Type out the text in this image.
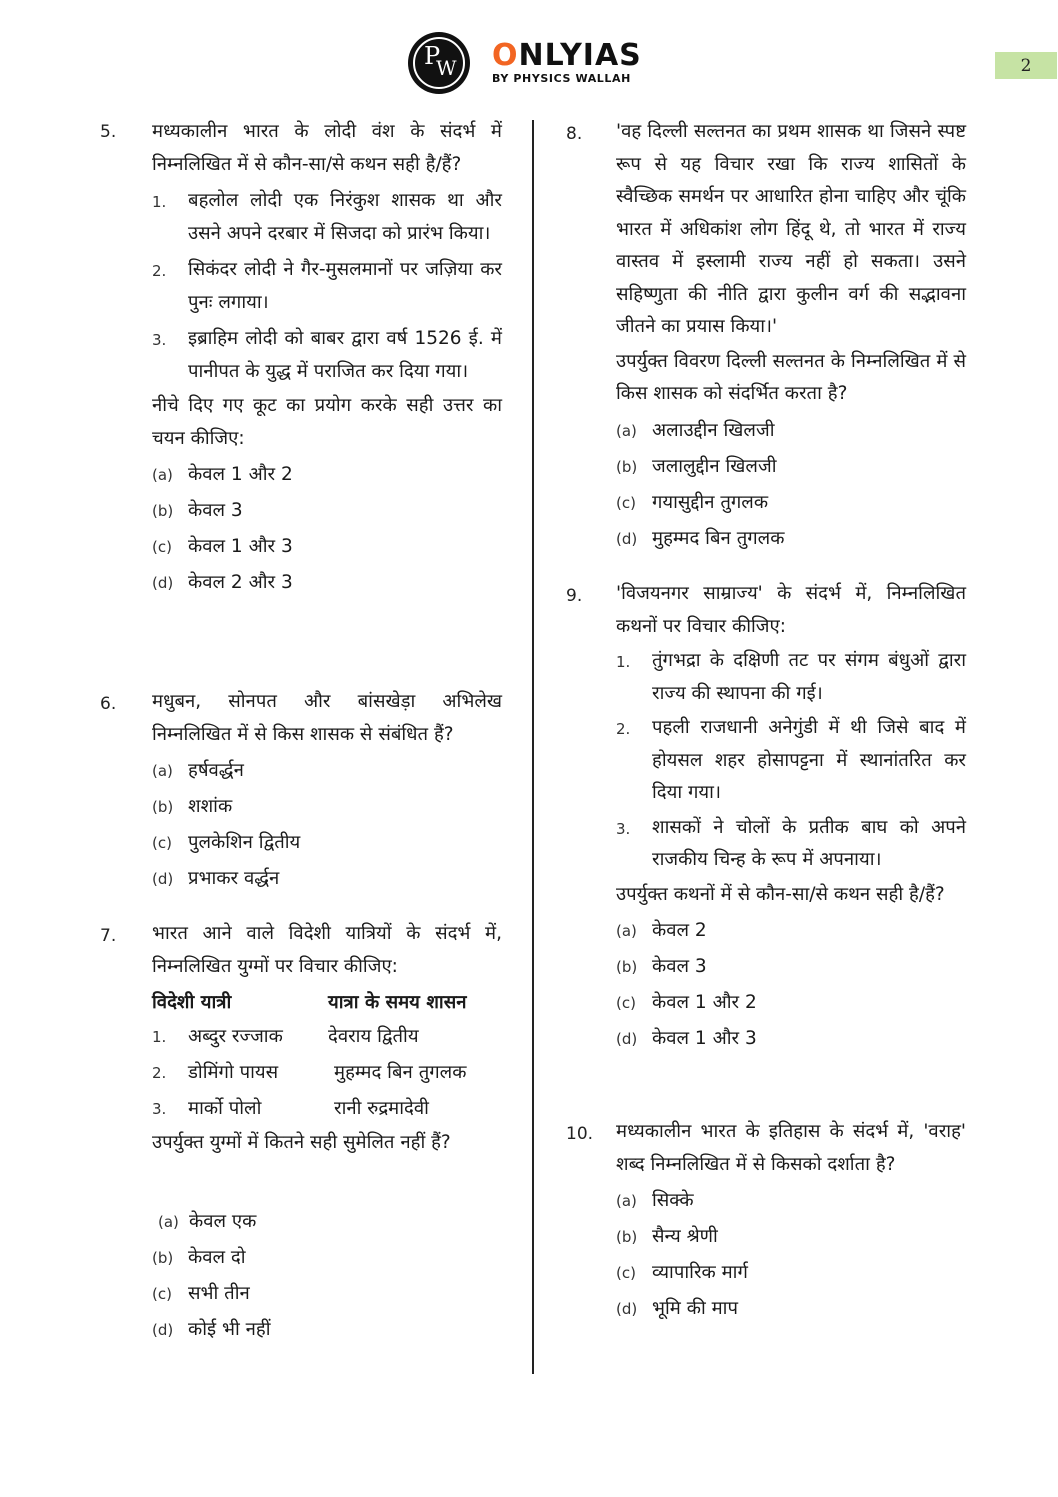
P
W ONLYIAS
BY PHYSICS WALLAH
2
5. मध्यकालीन भारत के लोदी वंश के संदर्भ में निम्नलिखित में से कौन-सा/से कथन सही है/हैं?
1. बहलोल लोदी एक निरंकुश शासक था और उसने अपने दरबार में सिजदा को प्रारंभ किया।
2. सिकंदर लोदी ने गैर-मुसलमानों पर जज़िया कर पुनः लगाया।
3. इब्राहिम लोदी को बाबर द्वारा वर्ष 1526 ई. में पानीपत के युद्ध में पराजित कर दिया गया।
नीचे दिए गए कूट का प्रयोग करके सही उत्तर का चयन कीजिए:
(a) केवल 1 और 2
(b) केवल 3
(c) केवल 1 और 3
(d) केवल 2 और 3
6. मधुबन, सोनपत और बांसखेड़ा अभिलेख निम्नलिखित में से किस शासक से संबंधित हैं?
(a) हर्षवर्द्धन
(b) शशांक
(c) पुलकेशिन द्वितीय
(d) प्रभाकर वर्द्धन
7. भारत आने वाले विदेशी यात्रियों के संदर्भ में, निम्नलिखित युग्मों पर विचार कीजिए:
विदेशी यात्री	यात्रा के समय शासन
1.	अब्दुर रज्जाक	देवराय द्वितीय
2.	डोमिंगो पायस	मुहम्मद बिन तुगलक
3.	मार्को पोलो	रानी रुद्रमादेवी
उपर्युक्त युग्मों में कितने सही सुमेलित नहीं हैं?
(a) केवल एक
(b) केवल दो
(c) सभी तीन
(d) कोई भी नहीं
8. 'वह दिल्ली सल्तनत का प्रथम शासक था जिसने स्पष्ट रूप से यह विचार रखा कि राज्य शासितों के स्वैच्छिक समर्थन पर आधारित होना चाहिए और चूंकि भारत में अधिकांश लोग हिंदू थे, तो भारत में राज्य वास्तव में इस्लामी राज्य नहीं हो सकता। उसने सहिष्णुता की नीति द्वारा कुलीन वर्ग की सद्भावना जीतने का प्रयास किया।'
उपर्युक्त विवरण दिल्ली सल्तनत के निम्नलिखित में से किस शासक को संदर्भित करता है?
(a) अलाउद्दीन खिलजी
(b) जलालुद्दीन खिलजी
(c) गयासुद्दीन तुगलक
(d) मुहम्मद बिन तुगलक
9. 'विजयनगर साम्राज्य' के संदर्भ में, निम्नलिखित कथनों पर विचार कीजिए:
1. तुंगभद्रा के दक्षिणी तट पर संगम बंधुओं द्वारा राज्य की स्थापना की गई।
2. पहली राजधानी अनेगुंडी में थी जिसे बाद में होयसल शहर होसापट्टना में स्थानांतरित कर दिया गया।
3. शासकों ने चोलों के प्रतीक बाघ को अपने राजकीय चिन्ह के रूप में अपनाया।
उपर्युक्त कथनों में से कौन-सा/से कथन सही है/हैं?
(a) केवल 2
(b) केवल 3
(c) केवल 1 और 2
(d) केवल 1 और 3
10. मध्यकालीन भारत के इतिहास के संदर्भ में, 'वराह' शब्द निम्नलिखित में से किसको दर्शाता है?
(a) सिक्के
(b) सैन्य श्रेणी
(c) व्यापारिक मार्ग
(d) भूमि की माप
